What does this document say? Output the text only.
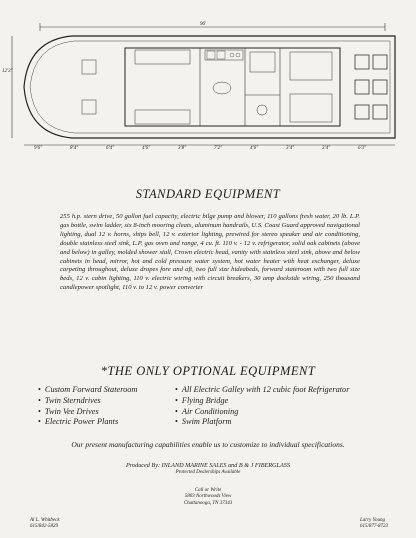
96'
12'3"
9'6"	8'4"	6'4"	4'6"	3'8"	7'2"	4'6"	3'4"	3'4"	6'3"
STANDARD EQUIPMENT
255 h.p. stern drive, 50 gallon fuel capacity, electric bilge pump and blower, 110 gallons fresh water, 20 lb. L.P. gas bottle, swim ladder, six 8-inch mooring cleats, aluminum handrails, U.S. Coast Guard approved navigational lighting, dual 12 v. horns, ships bell, 12 v. exterior lighting, prewired for stereo speaker and air conditioning, double stainless steel sink, L.P. gas oven and range, 4 cu. ft. 110 v. - 12 v. refrigerator, solid oak cabinets (above and below) in galley, molded shower stall, Crown electric head, vanity with stainless steel sink, above and below cabinets in head, mirror, hot and cold pressure water system, hot water heater with heat exchanger, deluxe carpeting throughout, deluxe drapes fore and aft, two full size hideabeds, forward stateroom with two full size beds, 12 v. cabin lighting, 110 v. electric wiring with circuit breakers, 30 amp dockside wiring, 250 thousand candlepower spotlight, 110 v. to 12 v. power converter
*THE ONLY OPTIONAL EQUIPMENT
• Custom Forward Stateroom
• Twin Sterndrives
• Twin Vee Drives
• Electric Power Plants
• All Electric Galley with 12 cubic foot Refrigerator
• Flying Bridge
• Air Conditioning
• Swim Platform
Our present manufacturing capabilities enable us to customize to individual specifications.
Produced By: INLAND MARINE SALES and B & J FIBERGLASS
Protected Dealerships Available
Call or Write
5803 Northwoods View
Chattanooga, TN 37343
Al L. Whitbeck
615/842-5829
Larry Young
615/877-8723
